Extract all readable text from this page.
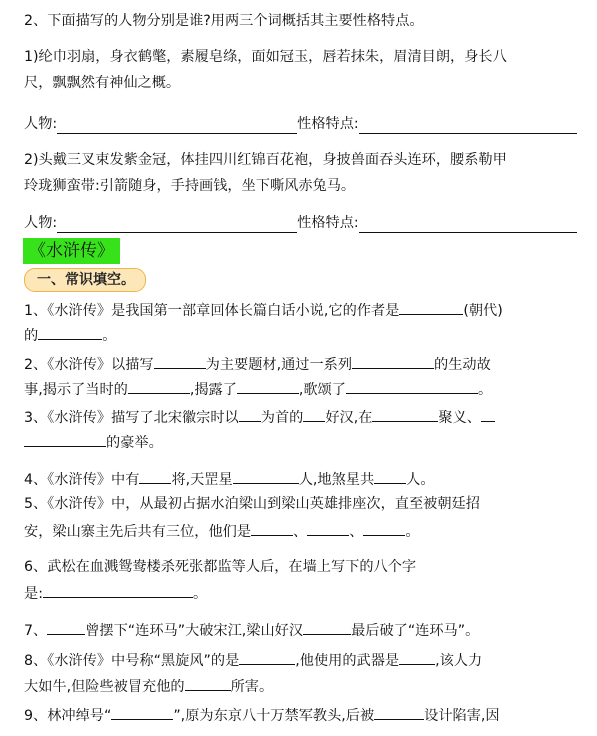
2、下面描写的人物分别是谁?用两三个词概括其主要性格特点。
1)纶巾羽扇，身衣鹤氅，素履皂绦，面如冠玉，唇若抹朱，眉清目朗，身长八
尺，飘飘然有神仙之概。
人物:	性格特点:
2)头戴三叉束发紫金冠，体挂四川红锦百花袍，身披兽面吞头连环，腰系勒甲
玲珑狮蛮带:引箭随身，手持画钱，坐下嘶风赤兔马。
人物:	性格特点:
《水浒传》
一、常识填空。
1、《水浒传》是我国第一部章回体长篇白话小说,它的作者是	(朝代)
的	。
2、《水浒传》以描写	为主要题材,通过一系列	的生动故
事,揭示了当时的	,揭露了	,歌颂了	。
3、《水浒传》描写了北宋徽宗时以 为首的 好汉,在	聚义、
的豪举。
4、《水浒传》中有 将,天罡星	人,地煞星共 人。
5、《水浒传》中，从最初占据水泊梁山到梁山英雄排座次，直至被朝廷招
安，梁山寨主先后共有三位，他们是	、	、	。
6、武松在血溅鸳鸯楼杀死张都监等人后，在墙上写下的八个字
是:	。
7、	曾摆下“连环马”大破宋江,梁山好汉	最后破了“连环马”。
8、《水浒传》中号称“黑旋风”的是	,他使用的武器是	,该人力
大如牛,但险些被冒充他的	所害。
9、林冲绰号“	”,原为东京八十万禁军教头,后被	设计陷害,因
